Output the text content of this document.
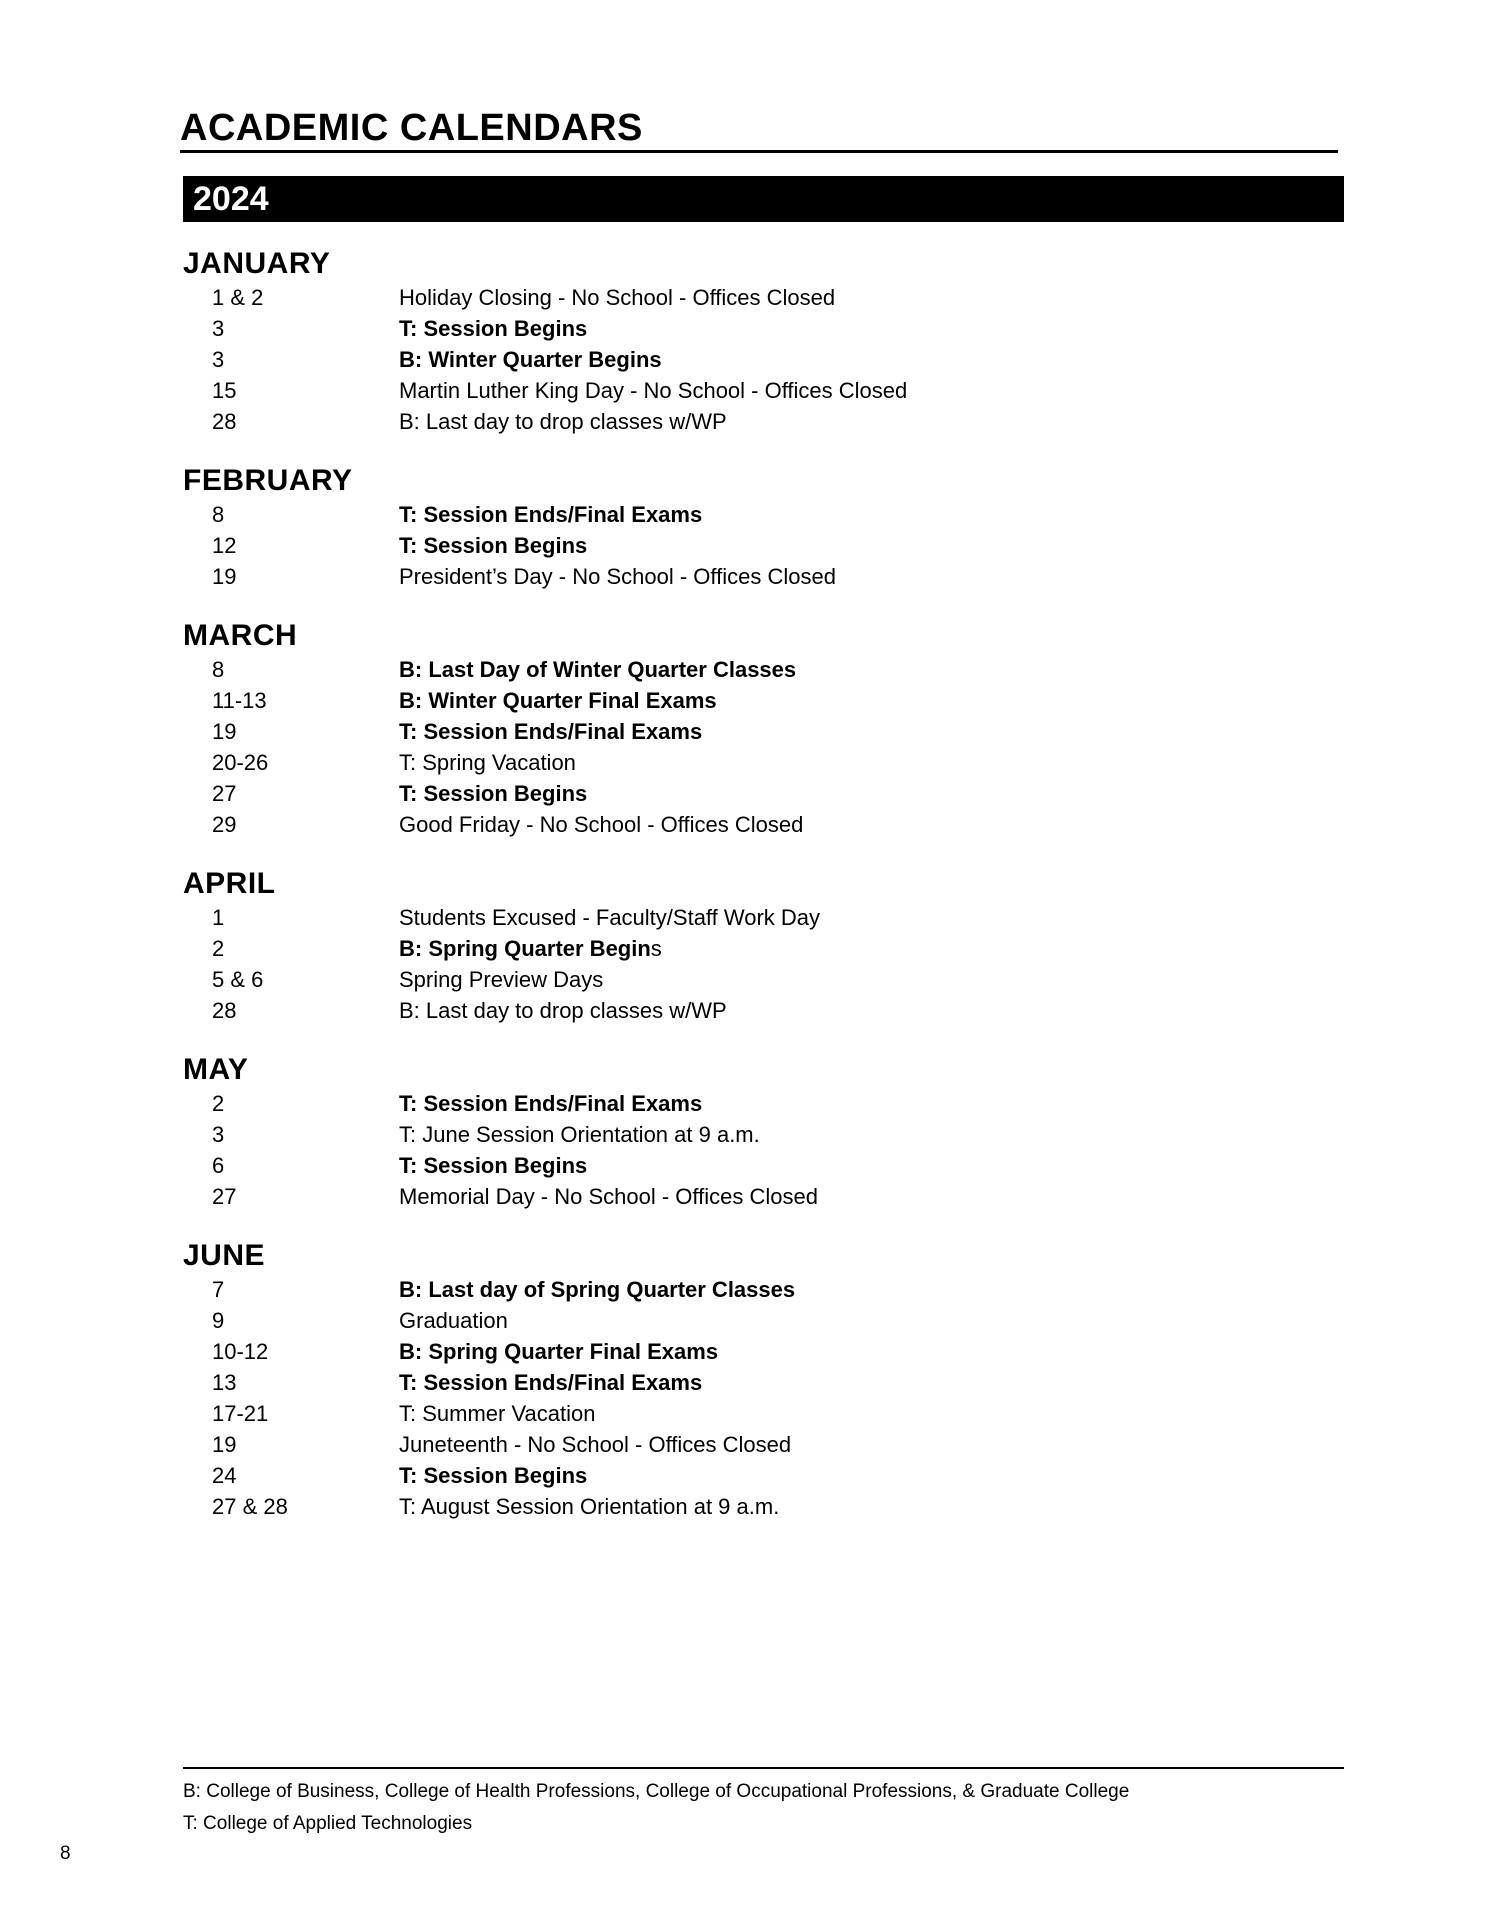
ACADEMIC CALENDARS
2024
JANUARY
1 & 2	Holiday Closing - No School - Offices Closed
3	T: Session Begins
3	B: Winter Quarter Begins
15	Martin Luther King Day - No School - Offices Closed
28	B: Last day to drop classes w/WP
FEBRUARY
8	T: Session Ends/Final Exams
12	T: Session Begins
19	President’s Day - No School - Offices Closed
MARCH
8	B: Last Day of Winter Quarter Classes
11-13	B: Winter Quarter Final Exams
19	T: Session Ends/Final Exams
20-26	T: Spring Vacation
27	T: Session Begins
29	Good Friday - No School - Offices Closed
APRIL
1	Students Excused - Faculty/Staff Work Day
2	B: Spring Quarter Begins
5 & 6	Spring Preview Days
28	B: Last day to drop classes w/WP
MAY
2	T: Session Ends/Final Exams
3	T: June Session Orientation at 9 a.m.
6	T: Session Begins
27	Memorial Day - No School - Offices Closed
JUNE
7	B: Last day of Spring Quarter Classes
9	Graduation
10-12	B: Spring Quarter Final Exams
13	T: Session Ends/Final Exams
17-21	T: Summer Vacation
19	Juneteenth - No School - Offices Closed
24	T: Session Begins
27 & 28	T: August Session Orientation at 9 a.m.
B: College of Business, College of Health Professions, College of Occupational Professions, & Graduate College
T: College of Applied Technologies
8
